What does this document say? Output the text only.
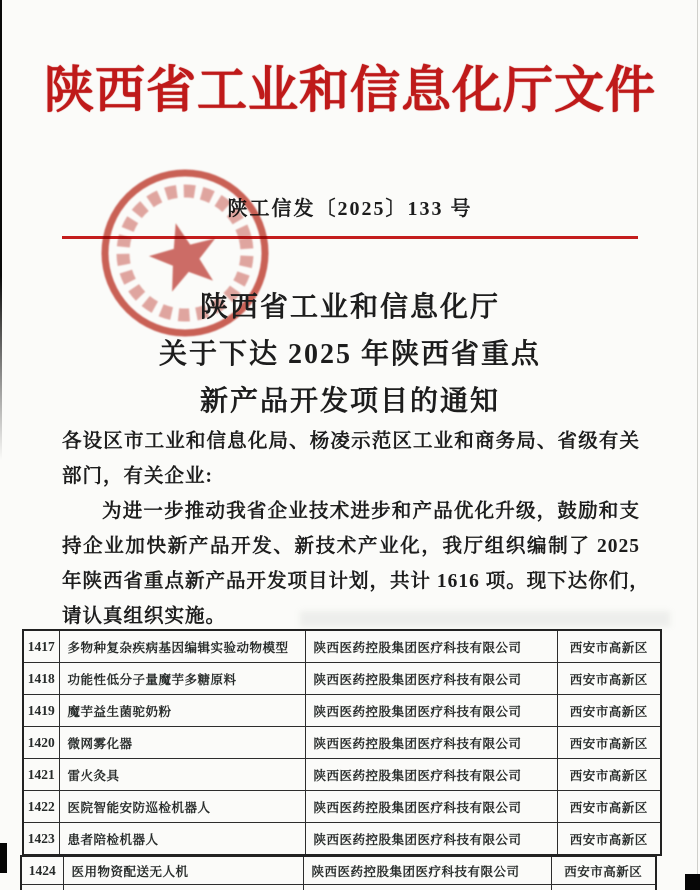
陕西省工业和信息化厅文件
陕工信发〔2025〕133 号
陕西省工业和信息化厅
关于下达 2025 年陕西省重点
新产品开发项目的通知
各设区市工业和信息化局、杨凌示范区工业和商务局、省级有关
部门，有关企业:
为进一步推动我省企业技术进步和产品优化升级，鼓励和支
持企业加快新产品开发、新技术产业化，我厅组织编制了 2025
年陕西省重点新产品开发项目计划，共计 1616 项。现下达你们，
请认真组织实施。
1417	多物种复杂疾病基因编辑实验动物模型	陕西医药控股集团医疗科技有限公司	西安市高新区
1418	功能性低分子量魔芋多糖原料	陕西医药控股集团医疗科技有限公司	西安市高新区
1419	魔芋益生菌驼奶粉	陕西医药控股集团医疗科技有限公司	西安市高新区
1420	微网雾化器	陕西医药控股集团医疗科技有限公司	西安市高新区
1421	雷火灸具	陕西医药控股集团医疗科技有限公司	西安市高新区
1422	医院智能安防巡检机器人	陕西医药控股集团医疗科技有限公司	西安市高新区
1423	患者陪检机器人	陕西医药控股集团医疗科技有限公司	西安市高新区
1424	医用物资配送无人机	陕西医药控股集团医疗科技有限公司	西安市高新区
